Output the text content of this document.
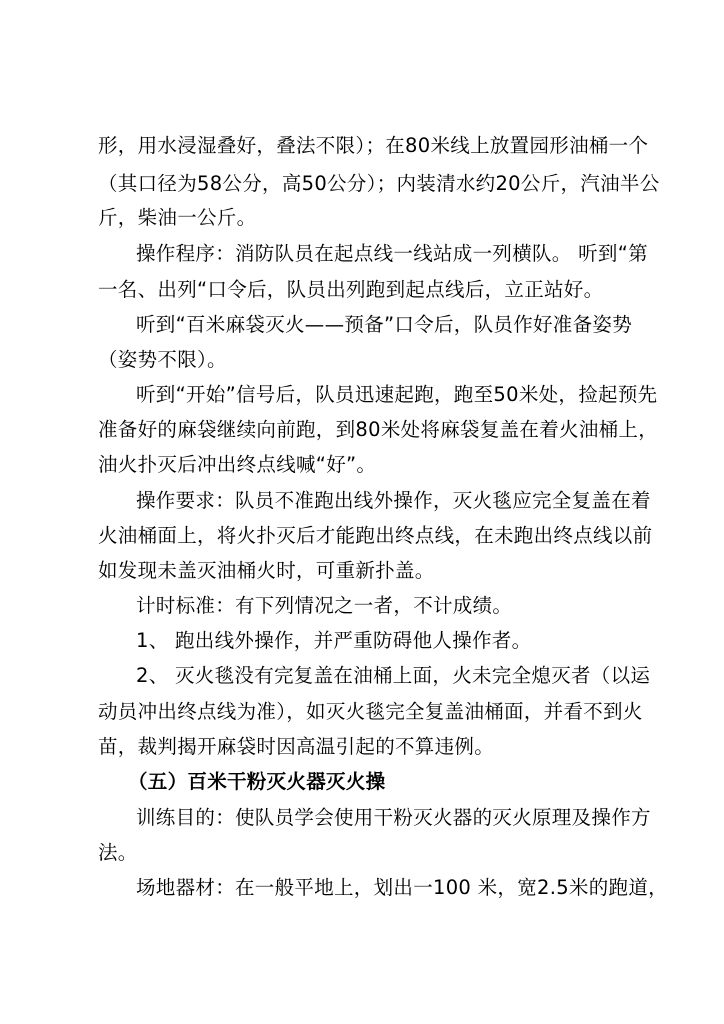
形，用水浸湿叠好，叠法不限）；在80米线上放置园形油桶一个
（其口径为58公分，高50公分）；内装清水约20公斤，汽油半公
斤，柴油一公斤。
操作程序：消防队员在起点线一线站成一列横队。 听到“第
一名、出列“口令后，队员出列跑到起点线后，立正站好。
听到“百米麻袋灭火——预备”口令后，队员作好准备姿势
（姿势不限）。
听到“开始”信号后，队员迅速起跑，跑至50米处，捡起预先
准备好的麻袋继续向前跑，到80米处将麻袋复盖在着火油桶上，
油火扑灭后冲出终点线喊“好”。
操作要求：队员不准跑出线外操作，灭火毯应完全复盖在着
火油桶面上，将火扑灭后才能跑出终点线，在未跑出终点线以前
如发现未盖灭油桶火时，可重新扑盖。
计时标准：有下列情况之一者，不计成绩。
1、 跑出线外操作，并严重防碍他人操作者。
2、 灭火毯没有完复盖在油桶上面，火未完全熄灭者（以运
动员冲出终点线为准），如灭火毯完全复盖油桶面，并看不到火
苗，裁判揭开麻袋时因高温引起的不算违例。
（五）百米干粉灭火器灭火操
训练目的：使队员学会使用干粉灭火器的灭火原理及操作方
法。
场地器材：在一般平地上，划出一100 米，宽2.5米的跑道，
